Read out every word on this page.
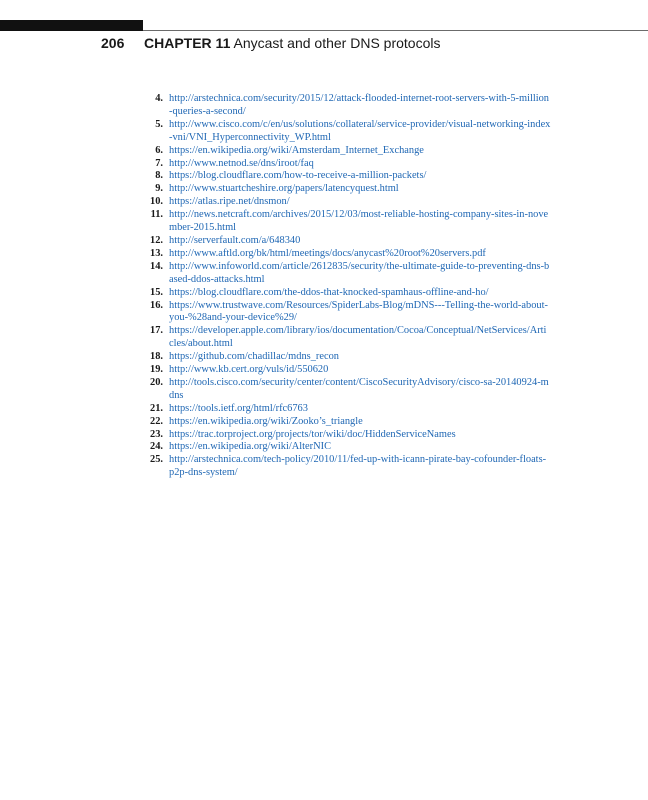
206 CHAPTER 11 Anycast and other DNS protocols
4. http://arstechnica.com/security/2015/12/attack-flooded-internet-root-servers-with-5-million-queries-a-second/
5. http://www.cisco.com/c/en/us/solutions/collateral/service-provider/visual-networking-index-vni/VNI_Hyperconnectivity_WP.html
6. https://en.wikipedia.org/wiki/Amsterdam_Internet_Exchange
7. http://www.netnod.se/dns/iroot/faq
8. https://blog.cloudflare.com/how-to-receive-a-million-packets/
9. http://www.stuartcheshire.org/papers/latencyquest.html
10. https://atlas.ripe.net/dnsmon/
11. http://news.netcraft.com/archives/2015/12/03/most-reliable-hosting-company-sites-in-november-2015.html
12. http://serverfault.com/a/648340
13. http://www.aftld.org/bk/html/meetings/docs/anycast%20root%20servers.pdf
14. http://www.infoworld.com/article/2612835/security/the-ultimate-guide-to-preventing-dns-based-ddos-attacks.html
15. https://blog.cloudflare.com/the-ddos-that-knocked-spamhaus-offline-and-ho/
16. https://www.trustwave.com/Resources/SpiderLabs-Blog/mDNS---Telling-the-world-about-you-%28and-your-device%29/
17. https://developer.apple.com/library/ios/documentation/Cocoa/Conceptual/NetServices/Articles/about.html
18. https://github.com/chadillac/mdns_recon
19. http://www.kb.cert.org/vuls/id/550620
20. http://tools.cisco.com/security/center/content/CiscoSecurityAdvisory/cisco-sa-20140924-mdns
21. https://tools.ietf.org/html/rfc6763
22. https://en.wikipedia.org/wiki/Zooko’s_triangle
23. https://trac.torproject.org/projects/tor/wiki/doc/HiddenServiceNames
24. https://en.wikipedia.org/wiki/AlterNIC
25. http://arstechnica.com/tech-policy/2010/11/fed-up-with-icann-pirate-bay-cofounder-floats-p2p-dns-system/
